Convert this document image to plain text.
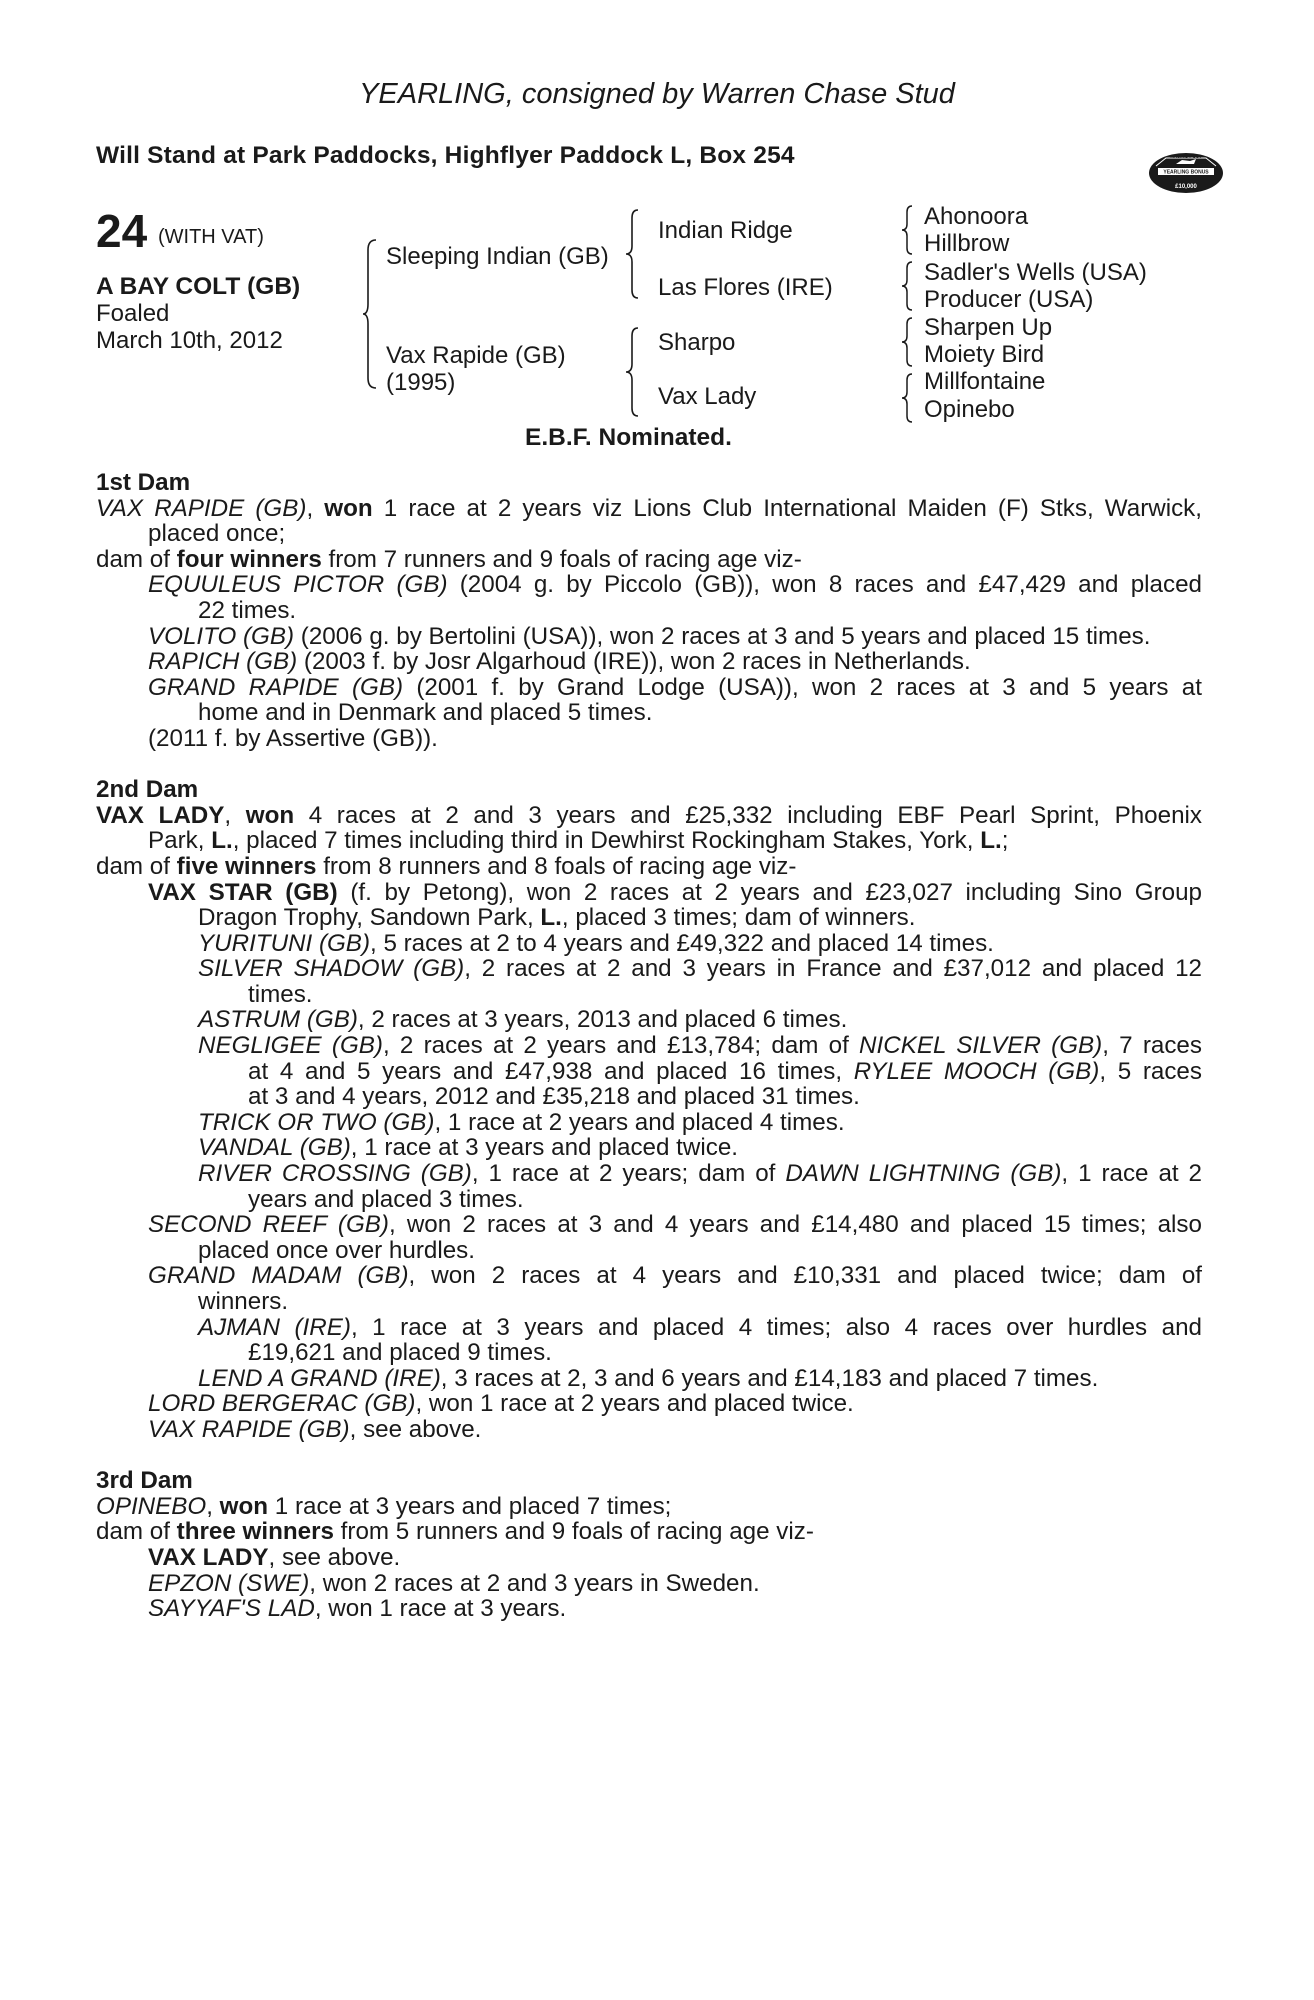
YEARLING, consigned by Warren Chase Stud
Will Stand at Park Paddocks, Highflyer Paddock L, Box 254	RACING POST
YEARLING BONUS
£10,000
24 (WITH VAT)
A BAY COLT (GB)
Foaled
March 10th, 2012
Sleeping Indian (GB)
Vax Rapide (GB)
(1995)
Indian Ridge
Las Flores (IRE)
Sharpo
Vax Lady
Ahonoora
Hillbrow
Sadler's Wells (USA)
Producer (USA)
Sharpen Up
Moiety Bird
Millfontaine
Opinebo
E.B.F. Nominated.
1st Dam
VAX RAPIDE (GB), won 1 race at 2 years viz Lions Club International Maiden (F) Stks, Warwick,
placed once;
dam of four winners from 7 runners and 9 foals of racing age viz-
EQUULEUS PICTOR (GB) (2004 g. by Piccolo (GB)), won 8 races and £47,429 and placed
22 times.
VOLITO (GB) (2006 g. by Bertolini (USA)), won 2 races at 3 and 5 years and placed 15 times.
RAPICH (GB) (2003 f. by Josr Algarhoud (IRE)), won 2 races in Netherlands.
GRAND RAPIDE (GB) (2001 f. by Grand Lodge (USA)), won 2 races at 3 and 5 years at
home and in Denmark and placed 5 times.
(2011 f. by Assertive (GB)).
2nd Dam
VAX LADY, won 4 races at 2 and 3 years and £25,332 including EBF Pearl Sprint, Phoenix
Park, L., placed 7 times including third in Dewhirst Rockingham Stakes, York, L.;
dam of five winners from 8 runners and 8 foals of racing age viz-
VAX STAR (GB) (f. by Petong), won 2 races at 2 years and £23,027 including Sino Group
Dragon Trophy, Sandown Park, L., placed 3 times; dam of winners.
YURITUNI (GB), 5 races at 2 to 4 years and £49,322 and placed 14 times.
SILVER SHADOW (GB), 2 races at 2 and 3 years in France and £37,012 and placed 12
times.
ASTRUM (GB), 2 races at 3 years, 2013 and placed 6 times.
NEGLIGEE (GB), 2 races at 2 years and £13,784; dam of NICKEL SILVER (GB), 7 races
at 4 and 5 years and £47,938 and placed 16 times, RYLEE MOOCH (GB), 5 races
at 3 and 4 years, 2012 and £35,218 and placed 31 times.
TRICK OR TWO (GB), 1 race at 2 years and placed 4 times.
VANDAL (GB), 1 race at 3 years and placed twice.
RIVER CROSSING (GB), 1 race at 2 years; dam of DAWN LIGHTNING (GB), 1 race at 2
years and placed 3 times.
SECOND REEF (GB), won 2 races at 3 and 4 years and £14,480 and placed 15 times; also
placed once over hurdles.
GRAND MADAM (GB), won 2 races at 4 years and £10,331 and placed twice; dam of
winners.
AJMAN (IRE), 1 race at 3 years and placed 4 times; also 4 races over hurdles and
£19,621 and placed 9 times.
LEND A GRAND (IRE), 3 races at 2, 3 and 6 years and £14,183 and placed 7 times.
LORD BERGERAC (GB), won 1 race at 2 years and placed twice.
VAX RAPIDE (GB), see above.
3rd Dam
OPINEBO, won 1 race at 3 years and placed 7 times;
dam of three winners from 5 runners and 9 foals of racing age viz-
VAX LADY, see above.
EPZON (SWE), won 2 races at 2 and 3 years in Sweden.
SAYYAF'S LAD, won 1 race at 3 years.
